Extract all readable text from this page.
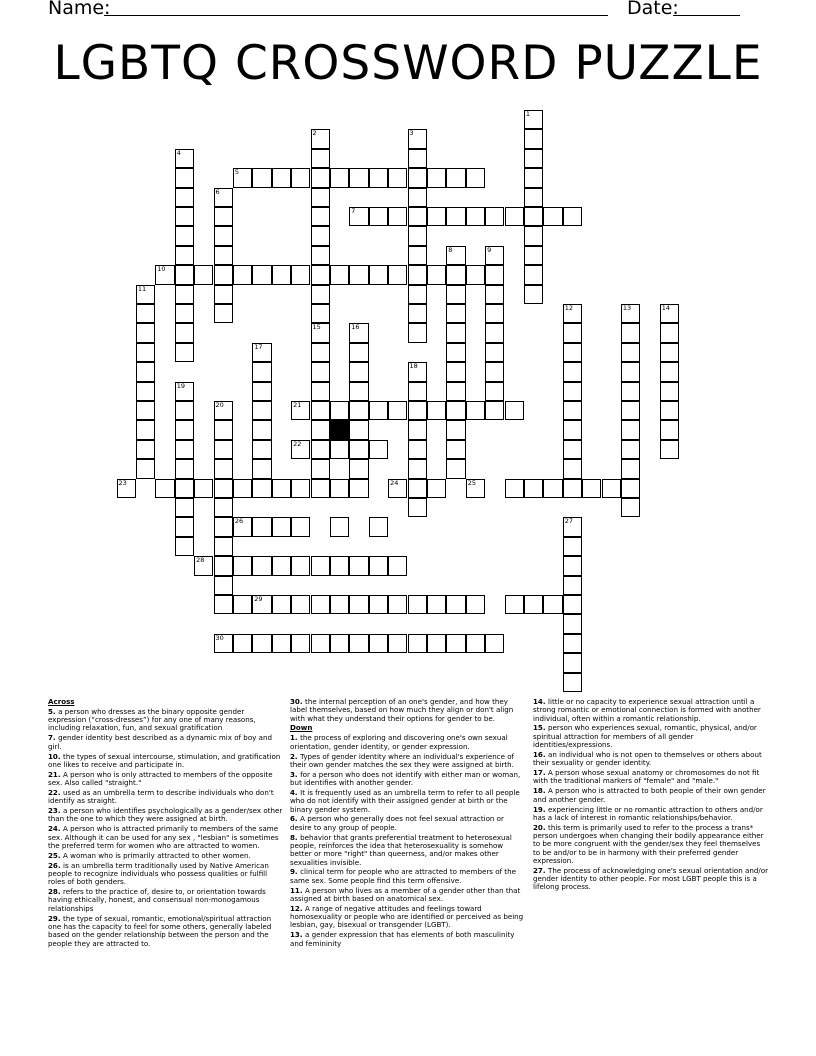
Name:	Date:
LGBTQ CROSSWORD PUZZLE
1
2	3
4
5
6
7
8	9
10
11
12	13	14
15	16
17
18
19
20	21
22
23	24	25
26	27
28
29
30

Across

5. a person who dresses as the binary opposite gender expression (“cross-dresses”) for any one of many reasons, including relaxation, fun, and sexual gratification

7. gender identity best described as a dynamic mix of boy and girl.

10. the types of sexual intercourse, stimulation, and gratification one likes to receive and participate in.

21. A person who is only attracted to members of the opposite sex. Also called "straight."

22. used as an umbrella term to describe individuals who don't identify as straight.

23. a person who identifies psychologically as a gender/sex other than the one to which they were assigned at birth.

24. A person who is attracted primarily to members of the same sex. Although it can be used for any sex , "lesbian" is sometimes the preferred term for women who are attracted to women.

25. A woman who is primarily attracted to other women.

26. is an umbrella term traditionally used by Native American people to recognize individuals who possess qualities or fulfill roles of both genders.

28. refers to the practice of, desire to, or orientation towards having ethically, honest, and consensual non-monogamous relationships

29. the type of sexual, romantic, emotional/spiritual attraction one has the capacity to feel for some others, generally labeled based on the gender relationship between the person and the people they are attracted to.

30. the internal perception of an one's gender, and how they label themselves, based on how much they align or don't align with what they understand their options for gender to be.

Down

1. the process of exploring and discovering one's own sexual orientation, gender identity, or gender expression.

2. Types of gender identity where an individual's experience of their own gender matches the sex they were assigned at birth.

3. for a person who does not identify with either man or woman, but identifies with another gender.

4. It is frequently used as an umbrella term to refer to all people who do not identify with their assigned gender at birth or the binary gender system.

6. A person who generally does not feel sexual attraction or desire to any group of people.

8. behavior that grants preferential treatment to heterosexual people, reinforces the idea that heterosexuality is somehow better or more "right" than queerness, and/or makes other sexualities invisible.

9. clinical term for people who are attracted to members of the same sex. Some people find this term offensive.

11. A person who lives as a member of a gender other than that assigned at birth based on anatomical sex.

12. A range of negative attitudes and feelings toward homosexuality or people who are identified or perceived as being lesbian, gay, bisexual or transgender (LGBT).

13. a gender expression that has elements of both masculinity and femininity

14. little or no capacity to experience sexual attraction until a strong romantic or emotional connection is formed with another individual, often within a romantic relationship.

15. person who experiences sexual, romantic, physical, and/or spiritual attraction for members of all gender identities/expressions.

16. an individual who is not open to themselves or others about their sexuality or gender identity.

17. A person whose sexual anatomy or chromosomes do not fit with the traditional markers of "female" and "male."

18. A person who is attracted to both people of their own gender and another gender.

19. experiencing little or no romantic attraction to others and/or has a lack of interest in romantic relationships/behavior.

20. this term is primarily used to refer to the process a trans* person undergoes when changing their bodily appearance either to be more congruent with the gender/sex they feel themselves to be and/or to be in harmony with their preferred gender expression.

27. The process of acknowledging one's sexual orientation and/or gender identity to other people. For most LGBT people this is a lifelong process.
